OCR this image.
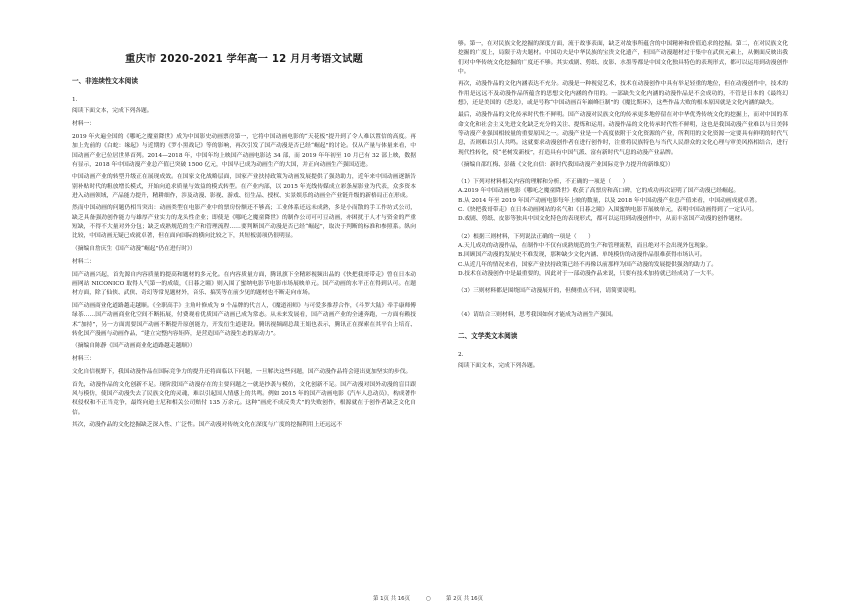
重庆市 2020-2021 学年高一 12 月月考语文试题
一、非连续性文本阅读
1.
阅读下面文本，完成下列各题。
材料一：

2019 年火遍全国的《哪吒之魔童降世》成为中国影史动画票房第一，它将中国动画电影的“天花板”提升到了令人难以置信的高度。再加上先前的《白蛇：缘起》与近期的《罗小黑战记》等的影响，再次引发了国产动漫是否已经“崛起”的讨论。仅从产量与体量来看，中国动画产业已位居世界首列。2014—2018 年，中国年均上映国产动画电影达 34 部，而 2019 年年初至 10 月已有 32 部上映，数据有显示，2018 年中国动漫产业总产值已突破 1500 亿元，中国早已成为动画生产的大国，并正向动画生产强国迈进。

中国动画产业的转型升级正在展现成效。在国家文化战略层面，国家产业扶持政策为动画发展提供了强劲助力，近年来中国动画逐渐告别补贴时代的粗放增长模式，开始向追求质量与效益的模式转型。在产业内部，以 2015 年光线传媒成立彩条屋影业为代表，众多资本进入动画领域，产品能力提升，精耕细作，涉及动漫、影视、游戏、衍生品、授权、实景娱乐的动画全产业链升级的新格局正在形成。

然而中国动画的问题仍相当突出：动画类型在电影产业中的票房份额还不够高；工业体系还远未成熟，多是小而散的手工作坊式公司，缺乏具备强劲创作能力与雄厚产业实力的龙头性企业；即使是《哪吒之魔童降世》的制作公司可可豆动画，亦困扰于人才与资金的严重短缺，不得不大量对外分包；缺乏成熟规范的生产和管理流程……要判断国产动漫是否已经“崛起”，取决于判断的标准和参照系。纵向比较，中国动画无疑已成就卓著，但在面向国际的横向比较之下，其短板弱项仍很明显。

（摘编自詹庆生《国产动漫“崛起”仍在进行时》）
材料二：

国产动画兴起，首先源自内容质量的提高和题材的多元化。在内容质量方面，腾讯旗下全精彩视频出品的《快把我哥带走》曾在日本动画网站 NICONICO 取得人气第一的成绩，《日暮之瞳》则入围了蜜纳电影节电影市场展映单元。国产动画的水平正在得到认可。在题材方面，除了仙侠、武侠、奇幻等常见题材外，音乐、搞笑等在前少见的题材也不断走向市场。

国产动画商业化道路越走越顺。《全职高手》主角叶修成为 9 个品牌的代言人，《魔道祖师》与可爱多推荐合作，《斗罗大陆》牵手康师傅绿茶……国产动画商业化空间不断拓展，付费观看优质国产动画已成为常态。从未来发展看，国产动画产业的全速奔跑，一方面有赖技术“加持”，另一方面需要国产动画不断提升原创能力，开发衍生道建设。腾讯视频副总裁王娟也表示，腾讯正在探索在其平台上培育、转化国产漫画与动画作品，“建立完整内容矩阵，是营造国产动漫生态的原动力”。

（摘编自陈静《国产动画商业化道路越走越顺》）
材料三：

文化自信视野下，我国动漫作品在国际竞争力的提升还将面临以下问题，一旦解决这些问题，国产动漫作品将会迎出更加坚实的步伐。

首先，动漫作品的文化创新不足。现阶段国产动漫存在的主要问题之一就是抄袭与模仿，文化创新不足。国产动漫对国外动漫的盲目跟风与模仿，使国产动漫失去了民族文化的灵魂，难以引起国人情感上的共鸣。例如 2015 年的国产动画电影《汽车人总动员》，构成著作权侵权和不正当竞争，最终向迪士尼和相关公司赔付 135 万余元。这种“画虎不成反类犬”的失败创作，根源就在于创作者缺乏文化自信。

其次，动漫作品的文化挖掘缺乏深入性、广泛性。国产动漫对传统文化在深度与广度的挖掘利用上还远远不

够。第一，在对民族文化挖掘的深度方面，流于故事表面，缺乏对故事所蕴含的中国精神和价值追求的挖掘。第二，在对民族文化挖掘的广度上，局限于功夫题材。中国功夫是中华民族的宝贵文化遗产，但国产动漫题材过于集中在武侠元素上，从侧面反映出我们对中华传统文化挖掘的广度还不够。其实戏剧、剪纸、皮影、水墨等都是中国文化独具特色的表现形式，都可以运用到动漫创作中。

再次，动漫作品的文化内涵表达不充分。动漫是一种视觉艺术，技术在动漫创作中具有举足轻重的地位，但在动漫创作中，技术的作用是远远不及动漫作品所蕴含的思想文化内涵的作用的。一部缺失文化内涵的动漫作品是不会成功的，不管是日本的《最终幻想》，还是美国的《恐龙》，或是号称“中国动画百年巅峰巨制”的《魔比斯环》，这些作品大败的根本原因就是文化内涵的缺失。

最后，动漫作品的文化传承时代性不鲜明。国产动漫对民族文化的传承更多地停留在对中华优秀传统文化的挖掘上，而对中国的革命文化和社会主义先进文化缺乏充分的关注、提炼和运用。动漫作品的文化传承时代性不鲜明，这也是我国动漫产业难以与日美韩等动漫产业强国相较量的重要原因之一。动漫产业是一个高度依附于文化资源的产业，所利用的文化资源一定要具有鲜明的时代气息，否则难以引人共鸣。这就要求动漫创作者在进行创作时，注重将民族特色与当代人民群众的文化心理与审美风格相结合，进行现代性转化，使“老树发新枝”，打造具有中国气派、富有新时代气息的动漫产业品牌。

（摘编自邵红梅、彭薇《文化自信：新时代我国动漫产业国际竞争力提升的新维度》）
（1）下列对材料相关内容的理解和分析，不正确的一项是（　　）
A.2019 年中国动画电影《哪吒之魔童降世》收获了高票房和高口碑，它的成功再次证明了国产动漫已经崛起。
B.从 2014 年至 2019 年国产动画电影每年上映的数量，以及 2018 年中国动漫产业总产值来看，中国动画成就卓著。
C.《快把我哥带走》在日本动画网站的名气和《日暮之瞳》入围蜜纳电影节展映单元，表明中国动画得到了一定认可。
D.戏剧、剪纸、皮影等独具中国文化特色的表现形式，都可以运用到动漫创作中，从而丰富国产动漫的创作题材。
（2）根据三则材料，下列说法正确的一项是（　　）
A.天儿成功的动漫作品，在制作中不仅有成熟规范的生产和管理流程，而且绝对不会出现外包现象。
B.回顾国产动漫的发展史不难发现，那种缺少文化内涵、单纯模仿的动漫作品很难获得市场认可。
C.从近几年的情况来看，国家产业扶持政策已经不再像以前那样为国产动漫的发展提供强劲的助力了。
D.技术在动漫创作中是最重要的，因此对于一部动漫作品来说，只要有技术加持就已经成功了一大半。
（3）三则材料都是围绕国产动漫展开的，但侧重点不同，请简要说明。
（4）请结合三则材料，思考我国如何才能成为动画生产强国。
二、文学类文本阅读
2.
阅读下面文本，完成下列各题。
第 1页 共 16页	○	第 2页 共 16页
